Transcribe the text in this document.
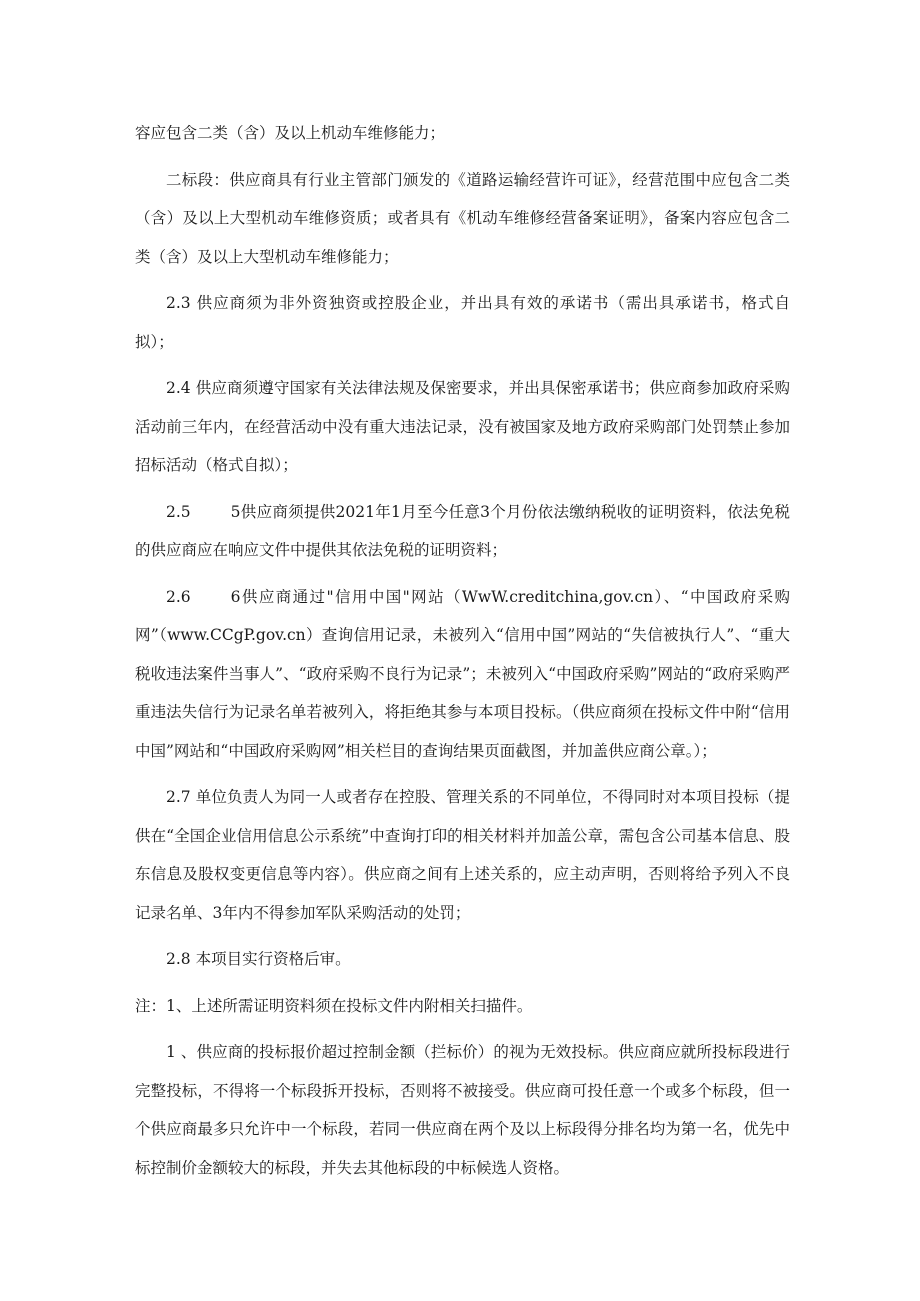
容应包含二类（含）及以上机动车维修能力；

二标段：供应商具有行业主管部门颁发的《道路运输经营许可证》，经营范围中应包含二类（含）及以上大型机动车维修资质；或者具有《机动车维修经营备案证明》，备案内容应包含二类（含）及以上大型机动车维修能力；

2.3 供应商须为非外资独资或控股企业，并出具有效的承诺书（需出具承诺书，格式自拟）；

2.4 供应商须遵守国家有关法律法规及保密要求，并出具保密承诺书；供应商参加政府采购活动前三年内，在经营活动中没有重大违法记录，没有被国家及地方政府采购部门处罚禁止参加招标活动（格式自拟）；

2.5	5供应商须提供2021年1月至今任意3个月份依法缴纳税收的证明资料，依法免税的供应商应在响应文件中提供其依法免税的证明资料；

2.6	6供应商通过"信用中国"网站（WwW.creditchina,gov.cn）、“中国政府采购网”（www.CCgP.gov.cn）查询信用记录，未被列入“信用中国”网站的“失信被执行人”、“重大税收违法案件当事人”、“政府采购不良行为记录”；未被列入“中国政府采购”网站的“政府采购严重违法失信行为记录名单若被列入，将拒绝其参与本项目投标。（供应商须在投标文件中附“信用中国”网站和“中国政府采购网”相关栏目的查询结果页面截图，并加盖供应商公章。）；

2.7 单位负责人为同一人或者存在控股、管理关系的不同单位，不得同时对本项目投标（提供在“全国企业信用信息公示系统”中查询打印的相关材料并加盖公章，需包含公司基本信息、股东信息及股权变更信息等内容）。供应商之间有上述关系的，应主动声明，否则将给予列入不良记录名单、3年内不得参加军队采购活动的处罚；

2.8 本项目实行资格后审。

注：1、上述所需证明资料须在投标文件内附相关扫描件。

1 、供应商的投标报价超过控制金额（拦标价）的视为无效投标。供应商应就所投标段进行完整投标，不得将一个标段拆开投标，否则将不被接受。供应商可投任意一个或多个标段，但一个供应商最多只允许中一个标段，若同一供应商在两个及以上标段得分排名均为第一名，优先中标控制价金额较大的标段，并失去其他标段的中标候选人资格。
